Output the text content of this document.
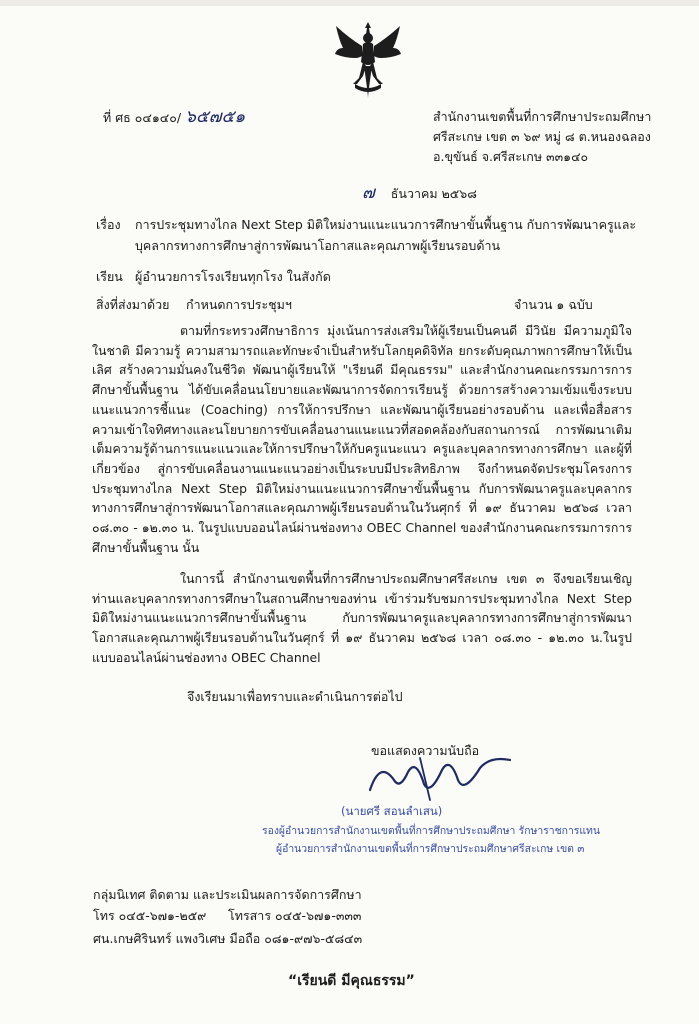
ที่ ศธ ๐๔๑๔๐/ ๖๕๗๕๑	สำนักงานเขตพื้นที่การศึกษาประถมศึกษา
ศรีสะเกษ เขต ๓ ๖๙ หมู่ ๘ ต.หนองฉลอง
อ.ขุขันธ์ จ.ศรีสะเกษ ๓๓๑๔๐
๗ ธันวาคม ๒๕๖๘
เรื่อง การประชุมทางไกล Next Step มิติใหม่งานแนะแนวการศึกษาขั้นพื้นฐาน กับการพัฒนาครูและ
บุคลากรทางการศึกษาสู่การพัฒนาโอกาสและคุณภาพผู้เรียนรอบด้าน
เรียน ผู้อำนวยการโรงเรียนทุกโรง ในสังกัด
สิ่งที่ส่งมาด้วย กำหนดการประชุมฯ	จำนวน ๑ ฉบับ

ตามที่กระทรวงศึกษาธิการ มุ่งเน้นการส่งเสริมให้ผู้เรียนเป็นคนดี มีวินัย มีความภูมิใจในชาติ มีความรู้ ความสามารถและทักษะจำเป็นสำหรับโลกยุคดิจิทัล ยกระดับคุณภาพการศึกษาให้เป็นเลิศ สร้างความมั่นคงในชีวิต พัฒนาผู้เรียนให้ "เรียนดี มีคุณธรรม" และสำนักงานคณะกรรมการการศึกษาขั้นพื้นฐาน ได้ขับเคลื่อนนโยบายและพัฒนาการจัดการเรียนรู้ ด้วยการสร้างความเข้มแข็งระบบแนะแนวการชี้แนะ (Coaching) การให้การปรึกษา และพัฒนาผู้เรียนอย่างรอบด้าน และเพื่อสื่อสารความเข้าใจทิศทางและนโยบายการขับเคลื่อนงานแนะแนวที่สอดคล้องกับสถานการณ์ การพัฒนาเติมเต็มความรู้ด้านการแนะแนวและให้การปรึกษาให้กับครูแนะแนว ครูและบุคลากรทางการศึกษา และผู้ที่เกี่ยวข้อง สู่การขับเคลื่อนงานแนะแนวอย่างเป็นระบบมีประสิทธิภาพ จึงกำหนดจัดประชุมโครงการประชุมทางไกล Next Step มิติใหม่งานแนะแนวการศึกษาขั้นพื้นฐาน กับการพัฒนาครูและบุคลากรทางการศึกษาสู่การพัฒนาโอกาสและคุณภาพผู้เรียนรอบด้านในวันศุกร์ ที่ ๑๙ ธันวาคม ๒๕๖๘ เวลา ๐๘.๓๐ - ๑๒.๓๐ น. ในรูปแบบออนไลน์ผ่านช่องทาง OBEC Channel ของสำนักงานคณะกรรมการการศึกษาขั้นพื้นฐาน นั้น

ในการนี้ สำนักงานเขตพื้นที่การศึกษาประถมศึกษาศรีสะเกษ เขต ๓ จึงขอเรียนเชิญท่านและบุคลากรทางการศึกษาในสถานศึกษาของท่าน เข้าร่วมรับชมการประชุมทางไกล Next Step มิติใหม่งานแนะแนวการศึกษาขั้นพื้นฐาน กับการพัฒนาครูและบุคลากรทางการศึกษาสู่การพัฒนาโอกาสและคุณภาพผู้เรียนรอบด้านในวันศุกร์ ที่ ๑๙ ธันวาคม ๒๕๖๘ เวลา ๐๘.๓๐ - ๑๒.๓๐ น.ในรูปแบบออนไลน์ผ่านช่องทาง OBEC Channel

จึงเรียนมาเพื่อทราบและดำเนินการต่อไป
ขอแสดงความนับถือ
(นายศรี สอนลำเสน)
รองผู้อำนวยการสำนักงานเขตพื้นที่การศึกษาประถมศึกษา รักษาราชการแทน
ผู้อำนวยการสำนักงานเขตพื้นที่การศึกษาประถมศึกษาศรีสะเกษ เขต ๓
กลุ่มนิเทศ ติดตาม และประเมินผลการจัดการศึกษา
โทร ๐๔๕-๖๗๑-๒๕๙ โทรสาร ๐๔๕-๖๗๑-๓๓๓
ศน.เกษศิรินทร์ แพงวิเศษ มือถือ ๐๘๑-๙๗๖-๕๘๔๓
“เรียนดี มีคุณธรรม”
